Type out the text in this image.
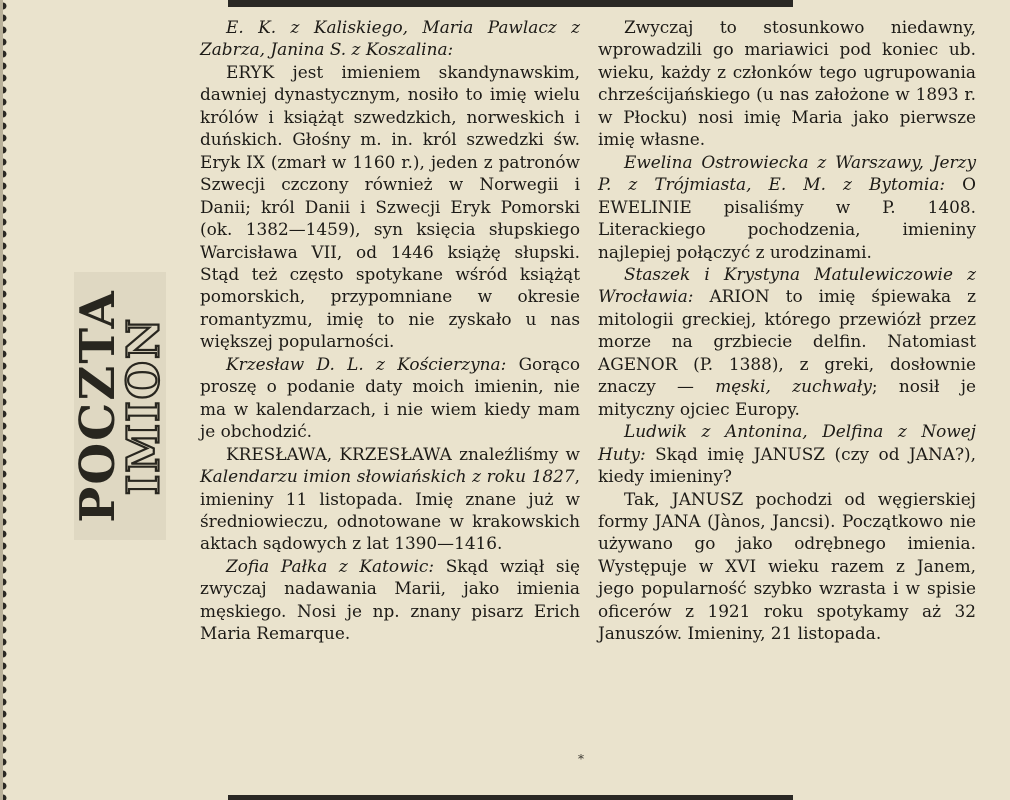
POCZTA
IMION

E. K. z Kaliskiego, Maria Pawlacz z Zabrza, Janina S. z Koszalina:

ERYK jest imieniem skandynawskim, dawniej dynastycznym, nosiło to imię wielu królów i książąt szwedzkich, norweskich i duńskich. Głośny m. in. król szwedzki św. Eryk IX (zmarł w 1160 r.), jeden z patronów Szwecji czczony również w Norwegii i Danii; król Danii i Szwecji Eryk Pomorski (ok. 1382—1459), syn księcia słupskiego Warcisława VII, od 1446 książę słupski. Stąd też często spotykane wśród książąt pomorskich, przypomniane w okresie romantyzmu, imię to nie zyskało u nas większej popularności.

Krzesław D. L. z Kościerzyna: Gorąco proszę o podanie daty moich imienin, nie ma w kalendarzach, i nie wiem kiedy mam je obchodzić.

KRESŁAWA, KRZESŁAWA znaleźliśmy w Kalendarzu imion słowiańskich z roku 1827, imieniny 11 listopada. Imię znane już w średniowieczu, odnotowane w krakowskich aktach sądowych z lat 1390—1416.

Zofia Pałka z Katowic: Skąd wziął się zwyczaj nadawania Marii, jako imienia męskiego. Nosi je np. znany pisarz Erich Maria Remarque.

Zwyczaj to stosunkowo niedawny, wprowadzili go mariawici pod koniec ub. wieku, każdy z członków tego ugrupowania chrześcijańskiego (u nas założone w 1893 r. w Płocku) nosi imię Maria jako pierwsze imię własne.

Ewelina Ostrowiecka z Warszawy, Jerzy P. z Trójmiasta, E. M. z Bytomia: O EWELINIE pisaliśmy w P. 1408. Literackiego pochodzenia, imieniny najlepiej połączyć z urodzinami.

Staszek i Krystyna Matulewiczowie z Wrocławia: ARION to imię śpiewaka z mitologii greckiej, którego przewiózł przez morze na grzbiecie delfin. Natomiast AGENOR (P. 1388), z greki, dosłownie znaczy — męski, zuchwały; nosił je mityczny ojciec Europy.

Ludwik z Antonina, Delfina z Nowej Huty: Skąd imię JANUSZ (czy od JANA?), kiedy imieniny?

Tak, JANUSZ pochodzi od węgierskiej formy JANA (Jànos, Jancsi). Początkowo nie używano go jako odrębnego imienia. Występuje w XVI wieku razem z Janem, jego popularność szybko wzrasta i w spisie oficerów z 1921 roku spotykamy aż 32 Januszów. Imieniny, 21 listopada.

*
